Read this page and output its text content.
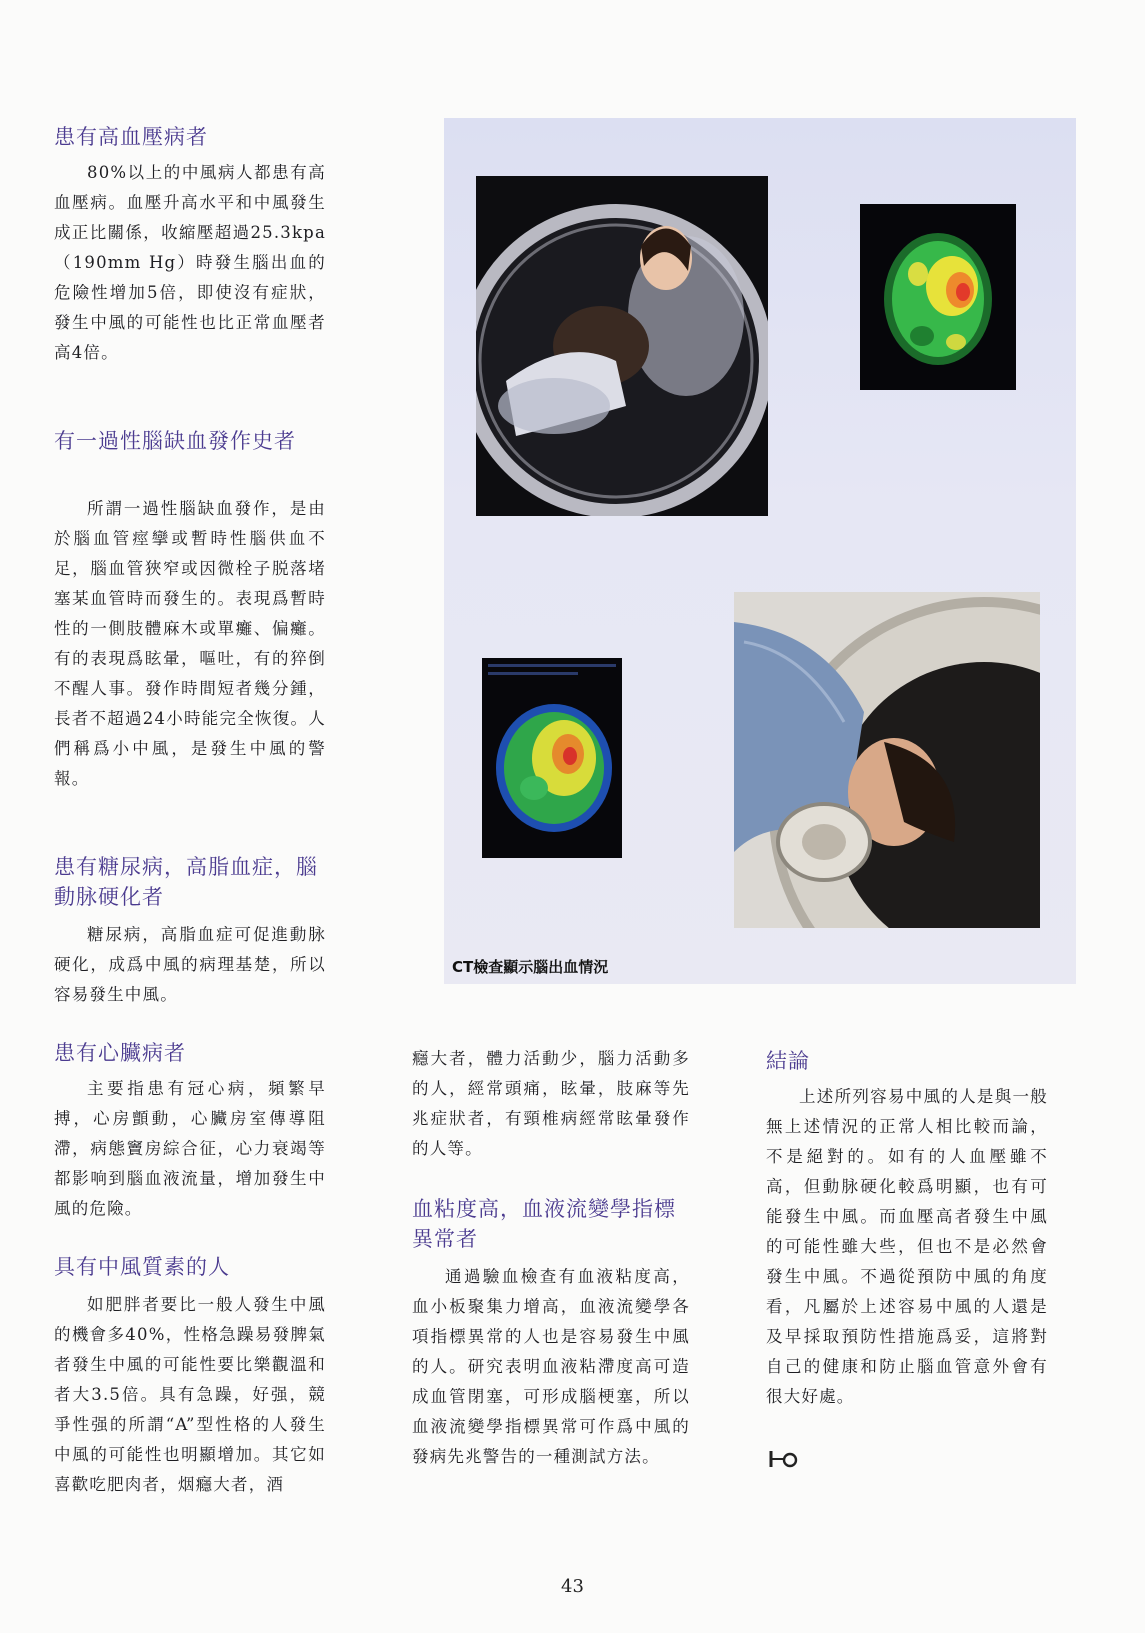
患有高血壓病者

80%以上的中風病人都患有高血壓病。血壓升高水平和中風發生成正比關係，收縮壓超過25.3kpa（190mm Hg）時發生腦出血的危險性增加5倍，即使沒有症狀，發生中風的可能性也比正常血壓者高4倍。

有一過性腦缺血發作史者

所謂一過性腦缺血發作，是由於腦血管痙攣或暫時性腦供血不足，腦血管狹窄或因微栓子脱落堵塞某血管時而發生的。表現爲暫時性的一側肢體麻木或單癱、偏癱。有的表現爲眩暈，嘔吐，有的猝倒不醒人事。發作時間短者幾分鍾，長者不超過24小時能完全恢復。人們稱爲小中風，是發生中風的警報。

患有糖尿病，高脂血症，腦動脉硬化者

糖尿病，高脂血症可促進動脉硬化，成爲中風的病理基楚，所以容易發生中風。

患有心臟病者

主要指患有冠心病，頻繁早搏，心房顫動，心臟房室傳導阻滯，病態竇房綜合征，心力衰竭等都影响到腦血液流量，增加發生中風的危險。

具有中風質素的人

如肥胖者要比一般人發生中風的機會多40%，性格急躁易發脾氣者發生中風的可能性要比樂觀溫和者大3.5倍。具有急躁，好强，競爭性强的所謂“A”型性格的人發生中風的可能性也明顯增加。其它如喜歡吃肥肉者，烟癮大者，酒

CT檢查顯示腦出血情況

癮大者，體力活動少，腦力活動多的人，經常頭痛，眩暈，肢麻等先兆症狀者，有頸椎病經常眩暈發作的人等。

血粘度高，血液流變學指標異常者

通過驗血檢查有血液粘度高，血小板聚集力增高，血液流變學各項指標異常的人也是容易發生中風的人。研究表明血液粘滯度高可造成血管閉塞，可形成腦梗塞，所以血液流變學指標異常可作爲中風的發病先兆警告的一種測試方法。

結論

上述所列容易中風的人是與一般無上述情況的正常人相比較而論，不是絕對的。如有的人血壓雖不高，但動脉硬化較爲明顯，也有可能發生中風。而血壓高者發生中風的可能性雖大些，但也不是必然會發生中風。不過從預防中風的角度看，凡屬於上述容易中風的人還是及早採取預防性措施爲妥，這將對自己的健康和防止腦血管意外會有很大好處。

43
